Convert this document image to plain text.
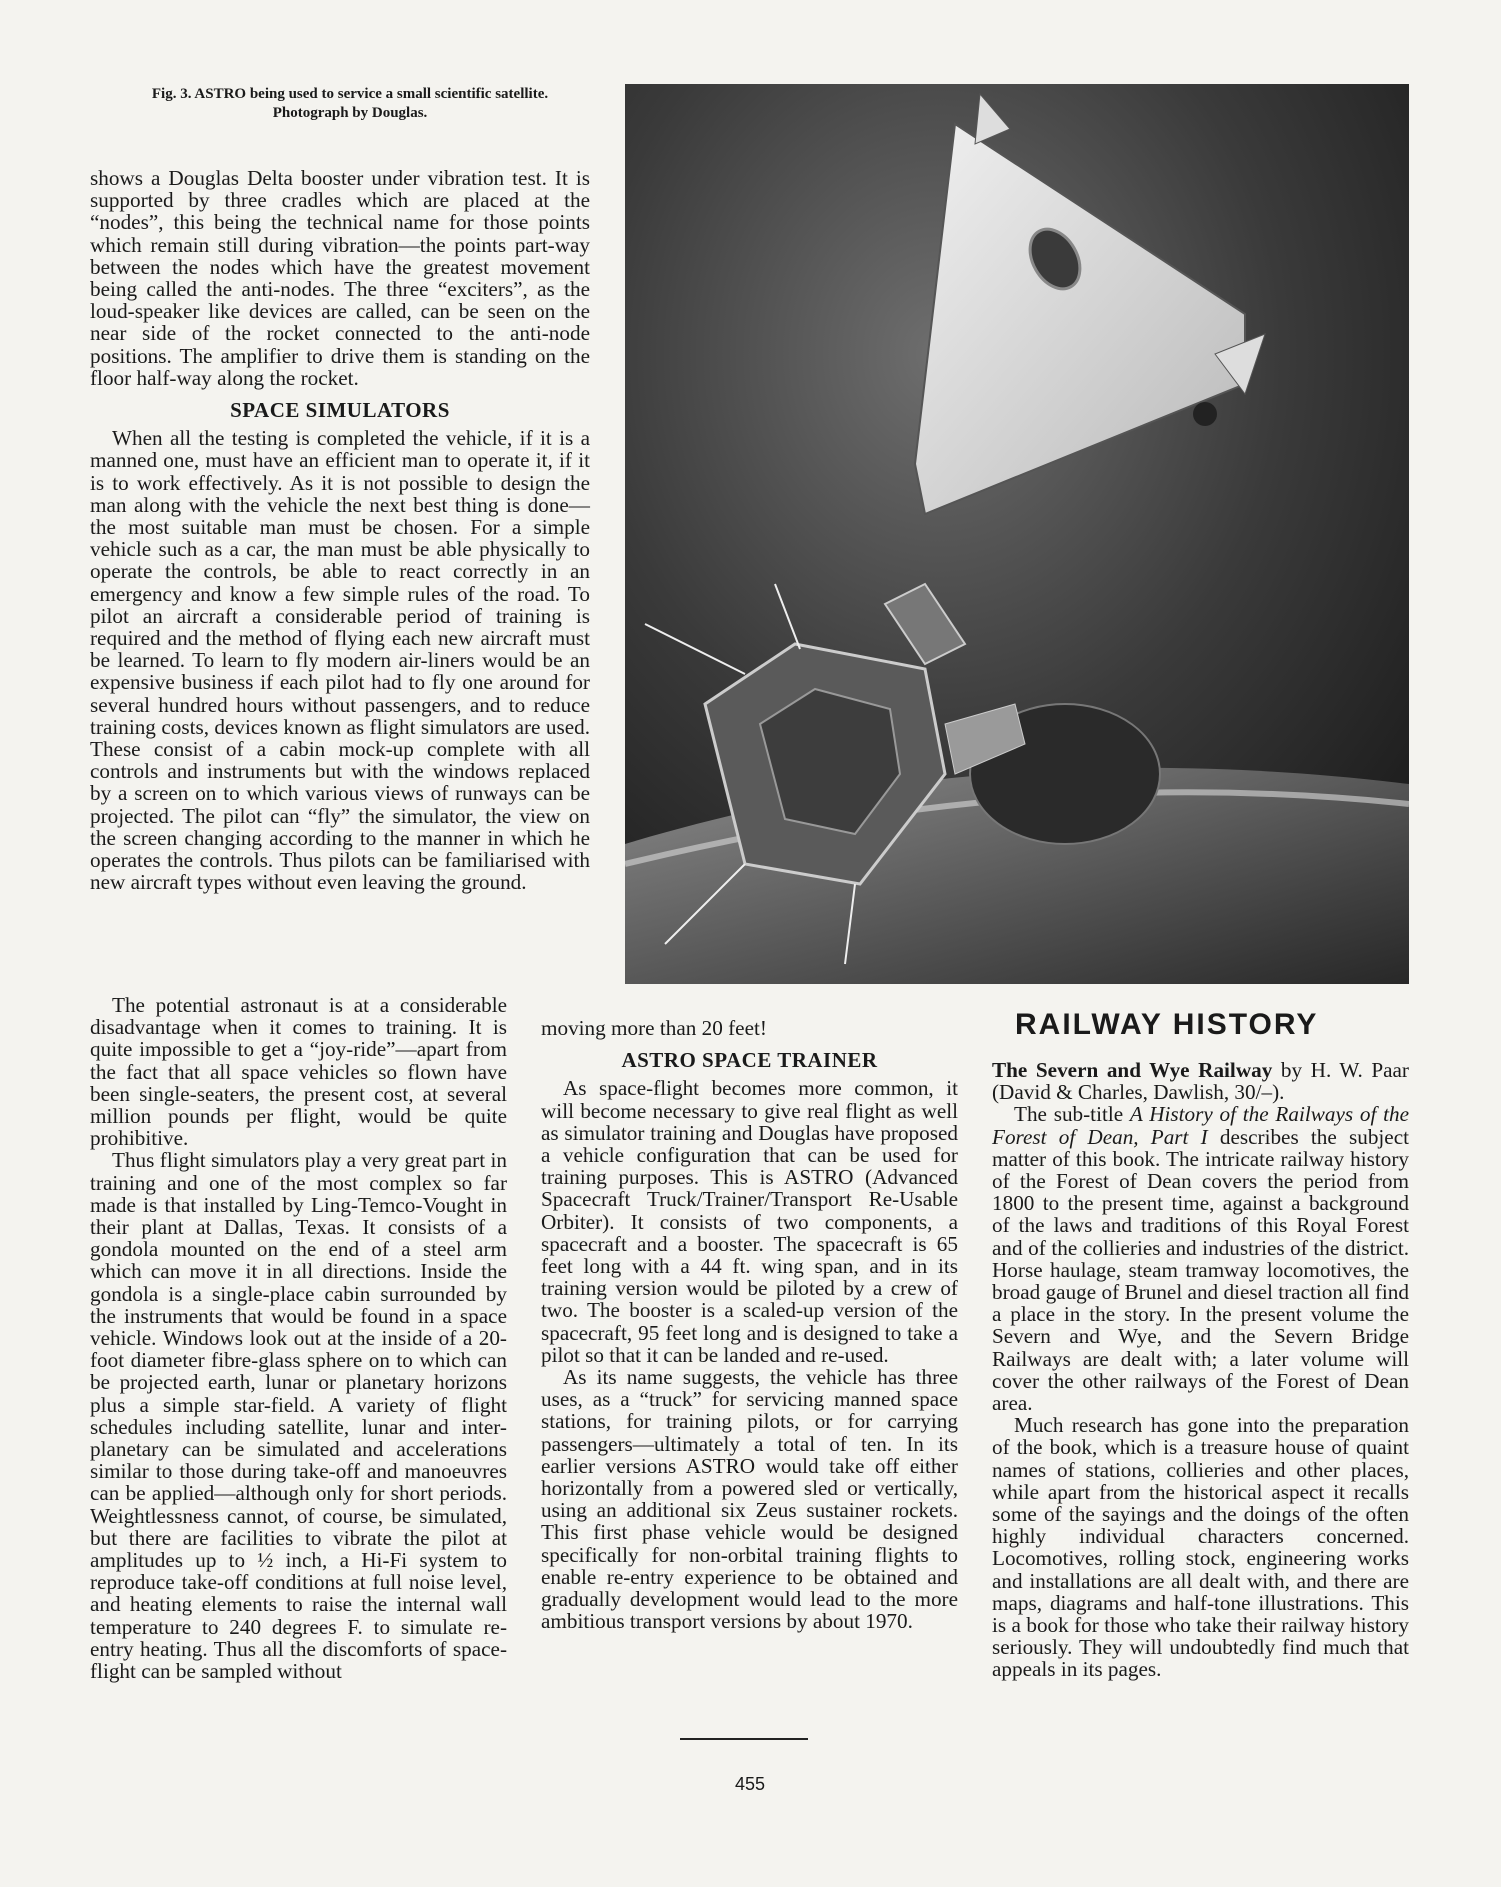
Fig. 3. ASTRO being used to service a small scientific satellite.
Photograph by Douglas.

shows a Douglas Delta booster under vibration test. It is supported by three cradles which are placed at the “nodes”, this being the technical name for those points which remain still during vibration—the points part-way between the nodes which have the greatest movement being called the anti-nodes. The three “exciters”, as the loud-speaker like devices are called, can be seen on the near side of the rocket connected to the anti-node positions. The amplifier to drive them is standing on the floor half-way along the rocket.

SPACE SIMULATORS

When all the testing is completed the vehicle, if it is a manned one, must have an efficient man to operate it, if it is to work effectively. As it is not possible to design the man along with the vehicle the next best thing is done—the most suitable man must be chosen. For a simple vehicle such as a car, the man must be able physically to operate the controls, be able to react correctly in an emergency and know a few simple rules of the road. To pilot an aircraft a considerable period of training is required and the method of flying each new aircraft must be learned. To learn to fly modern air-liners would be an expensive business if each pilot had to fly one around for several hundred hours without passengers, and to reduce training costs, devices known as flight simulators are used. These consist of a cabin mock-up complete with all controls and instruments but with the windows replaced by a screen on to which various views of runways can be projected. The pilot can “fly” the simulator, the view on the screen changing according to the manner in which he operates the controls. Thus pilots can be familiarised with new aircraft types without even leaving the ground.

The potential astronaut is at a considerable disadvantage when it comes to training. It is quite impossible to get a “joy-ride”—apart from the fact that all space vehicles so flown have been single-seaters, the present cost, at several million pounds per flight, would be quite prohibitive.

Thus flight simulators play a very great part in training and one of the most complex so far made is that installed by Ling-Temco-Vought in their plant at Dallas, Texas. It consists of a gondola mounted on the end of a steel arm which can move it in all directions. Inside the gondola is a single-place cabin surrounded by the instruments that would be found in a space vehicle. Windows look out at the inside of a 20-foot diameter fibre-glass sphere on to which can be projected earth, lunar or planetary horizons plus a simple star-field. A variety of flight schedules including satellite, lunar and inter-planetary can be simulated and accelerations similar to those during take-off and manoeuvres can be applied—although only for short periods. Weightlessness cannot, of course, be simulated, but there are facilities to vibrate the pilot at amplitudes up to ½ inch, a Hi-Fi system to reproduce take-off conditions at full noise level, and heating elements to raise the internal wall temperature to 240 degrees F. to simulate re-entry heating. Thus all the discomforts of space-flight can be sampled without

moving more than 20 feet!

ASTRO SPACE TRAINER

As space-flight becomes more common, it will become necessary to give real flight as well as simulator training and Douglas have proposed a vehicle configuration that can be used for training purposes. This is ASTRO (Advanced Spacecraft Truck/Trainer/Transport Re-Usable Orbiter). It consists of two components, a spacecraft and a booster. The spacecraft is 65 feet long with a 44 ft. wing span, and in its training version would be piloted by a crew of two. The booster is a scaled-up version of the spacecraft, 95 feet long and is designed to take a pilot so that it can be landed and re-used.

As its name suggests, the vehicle has three uses, as a “truck” for servicing manned space stations, for training pilots, or for carrying passengers—ultimately a total of ten. In its earlier versions ASTRO would take off either horizontally from a powered sled or vertically, using an additional six Zeus sustainer rockets. This first phase vehicle would be designed specifically for non-orbital training flights to enable re-entry experience to be obtained and gradually development would lead to the more ambitious transport versions by about 1970.

RAILWAY HISTORY

The Severn and Wye Railway by H. W. Paar (David & Charles, Dawlish, 30/–).

The sub-title A History of the Railways of the Forest of Dean, Part I describes the subject matter of this book. The intricate railway history of the Forest of Dean covers the period from 1800 to the present time, against a background of the laws and traditions of this Royal Forest and of the collieries and industries of the district. Horse haulage, steam tramway locomotives, the broad gauge of Brunel and diesel traction all find a place in the story. In the present volume the Severn and Wye, and the Severn Bridge Railways are dealt with; a later volume will cover the other railways of the Forest of Dean area.

Much research has gone into the preparation of the book, which is a treasure house of quaint names of stations, collieries and other places, while apart from the historical aspect it recalls some of the sayings and the doings of the often highly individual characters concerned. Locomotives, rolling stock, engineering works and installations are all dealt with, and there are maps, diagrams and half-tone illustrations. This is a book for those who take their railway history seriously. They will undoubtedly find much that appeals in its pages.

455
